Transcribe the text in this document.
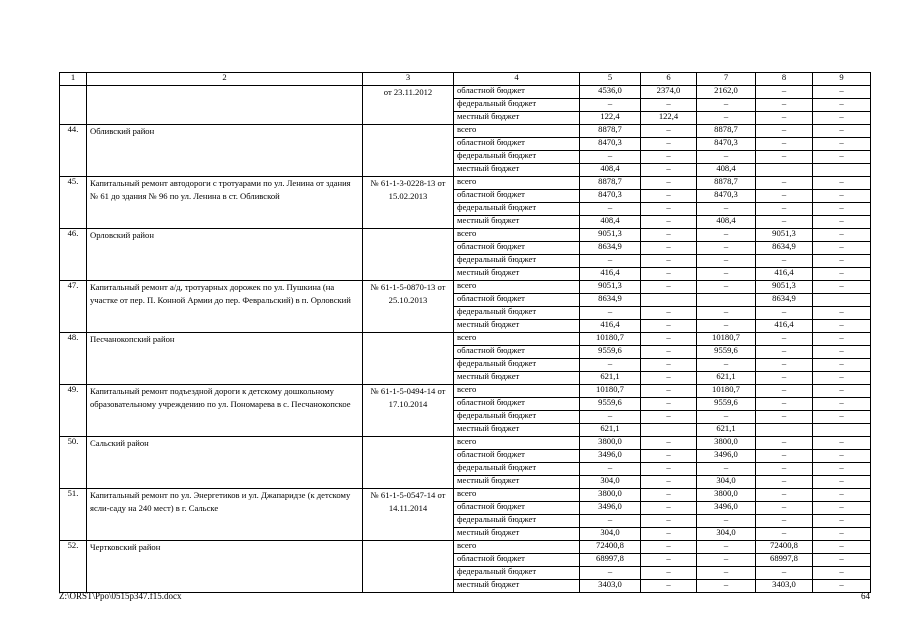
1	2	3	4	5	6	7	8	9
		от 23.11.2012	областной бюджет	4536,0	2374,0	2162,0	–	–
			федеральный бюджет	–	–	–	–	–
			местный бюджет	122,4	122,4	–	–	–
44.	Обливский район		всего	8878,7	–	8878,7	–	–
			областной бюджет	8470,3	–	8470,3	–	–
			федеральный бюджет	–	–	–	–	–
			местный бюджет	408,4	–	408,4		
45.	Капитальный ремонт автодороги с тротуарами по ул. Ленина от здания № 61 до здания № 96 по ул. Ленина в ст. Обливской	№ 61-1-3-0228-13 от 15.02.2013	всего	8878,7	–	8878,7	–	–
			областной бюджет	8470,3	–	8470,3	–	–
			федеральный бюджет	–	–	–	–	–
			местный бюджет	408,4	–	408,4	–	–
46.	Орловский район		всего	9051,3	–	–	9051,3	–
			областной бюджет	8634,9	–	–	8634,9	–
			федеральный бюджет	–	–	–	–	–
			местный бюджет	416,4	–	–	416,4	–
47.	Капитальный ремонт а/д, тротуарных дорожек по ул. Пушкина (на участке от пер. П. Конной Армии до пер. Февральский) в п. Орловский	№ 61-1-5-0870-13 от 25.10.2013	всего	9051,3	–	–	9051,3	–
			областной бюджет	8634,9			8634,9	
			федеральный бюджет	–	–	–	–	–
			местный бюджет	416,4	–	–	416,4	–
48.	Песчанокопский район		всего	10180,7	–	10180,7	–	–
			областной бюджет	9559,6	–	9559,6	–	–
			федеральный бюджет	–	–	–	–	–
			местный бюджет	621,1	–	621,1	–	–
49.	Капитальный ремонт подъездной дороги к детскому дошкольному образовательному учреждению по ул. Пономарева в с. Песчанокопское	№ 61-1-5-0494-14 от 17.10.2014	всего	10180,7	–	10180,7	–	–
			областной бюджет	9559,6	–	9559,6	–	–
			федеральный бюджет	–	–	–	–	–
			местный бюджет	621,1		621,1		
50.	Сальский район		всего	3800,0	–	3800,0	–	–
			областной бюджет	3496,0	–	3496,0	–	–
			федеральный бюджет	–	–	–	–	–
			местный бюджет	304,0	–	304,0	–	–
51.	Капитальный ремонт по ул. Энергетиков и ул. Джапаридзе (к детскому ясли-саду на 240 мест) в г. Сальске	№ 61-1-5-0547-14 от 14.11.2014	всего	3800,0	–	3800,0	–	–
			областной бюджет	3496,0	–	3496,0	–	–
			федеральный бюджет	–	–	–	–	–
			местный бюджет	304,0	–	304,0	–	–
52.	Чертковский район		всего	72400,8	–	–	72400,8	–
			областной бюджет	68997,8	–	–	68997,8	–
			федеральный бюджет	–	–	–	–	–
			местный бюджет	3403,0	–	–	3403,0	–
Z:\ORST\Ppo\0515p347.f15.docx	64
